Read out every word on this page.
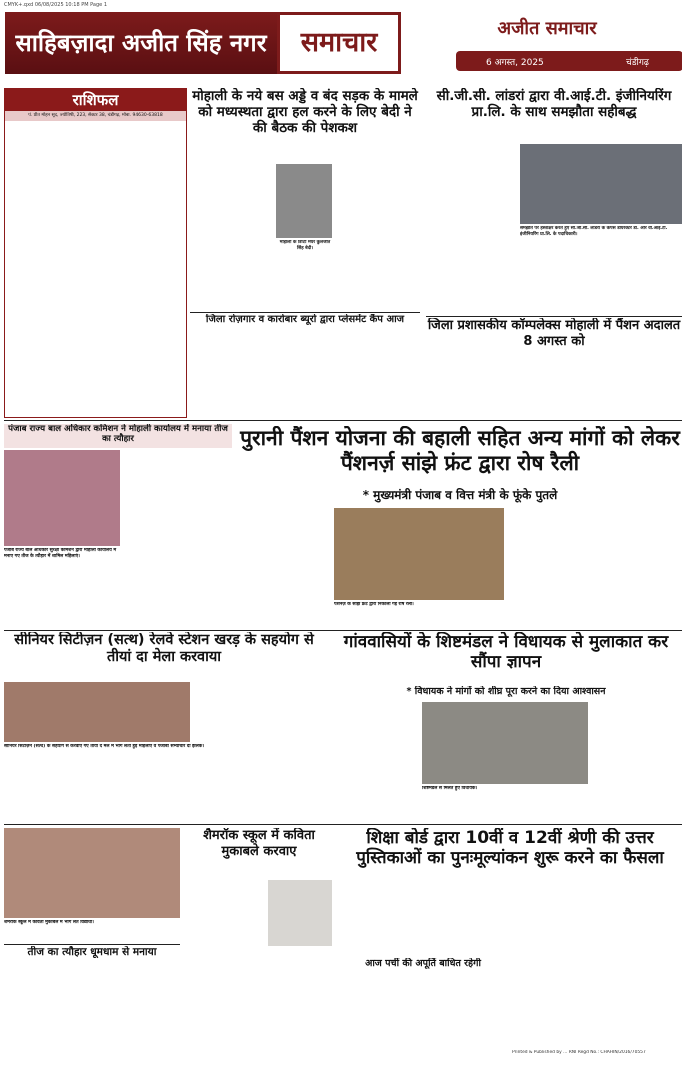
CMYK+.qxd 06/08/2025 10:18 PM Page 1
साहिबज़ादा अजीत सिंह नगर	समाचार	अजीत समाचार
6 अगस्त, 2025	चंडीगढ़
राशिफल
पं. प्रीत मोहन सूद, ज्योतिषी, 223, सेक्टर 38, चंडीगढ़, मोबा. 94630-63818
मोहाली के नये बस अड्डे व बंद सड़क के मामले को मध्यस्थता द्वारा हल करने के लिए बेदी ने की बैठक की पेशकश
मोहाली के डिप्टी मेयर कुलजीत सिंह बेदी।
सी.जी.सी. लांडरां द्वारा वी.आई.टी. इंजीनियरिंग प्रा.लि. के साथ समझौता सहीबद्ध
समझौते पर हस्ताक्षर करते हुए सी.जी.सी. लांडरां के कैंपस डायरेक्टर डॉ. और वी.आई.टी. इंजीनियरिंग प्रा.लि. के पदाधिकारी।
जिला रोज़गार व कारोबार ब्यूरो द्वारा प्लेसमेंट कैंप आज	जिला प्रशासकीय कॉम्पलेक्स मोहाली में पैंशन अदालत 8 अगस्त को
पंजाब राज्य बाल अधिकार कमिशन ने मोहाली कार्यालय में मनाया तीज का त्यौहार
पंजाब राज्य बाल अधिकार सुरक्षा कमिशन द्वारा मोहाली कार्यालय में मनाए गए तीज के त्यौहार में शामिल महिलाएं।
पुरानी पैंशन योजना की बहाली सहित अन्य मांगों को लेकर पैंशनर्ज़ सांझे फ्रंट द्वारा रोष रैली
* मुख्यमंत्री पंजाब व वित्त मंत्री के फूंके पुतले
पैंशनर्ज़ के सांझे फ्रंट द्वारा निकाली गई रोष रैली।
सीनियर सिटीज़न (सत्थ) रेलवे स्टेशन खरड़ के सहयोग से तीयां दा मेला करवाया
सीनियर सिटीज़न (सत्थ) के सहयोग से करवाए गए तीयां दे मेले में भाग लेती हुई महिलाएं व पंजाबी सभ्याचार दी झलक।
गांववासियों के शिष्टमंडल ने विधायक से मुलाकात कर सौंपा ज्ञापन
* विधायक ने मांगों को शीघ्र पूरा करने का दिया आश्वासन
शिष्टमंडल से मिलते हुए विधायक।
शैमरॉक स्कूल में कविता मुकाबले में भाग लेते विद्यार्थी।
शैमरॉक स्कूल में कविता मुकाबले करवाए
तीज का त्यौहार धूमधाम से मनाया
शिक्षा बोर्ड द्वारा 10वीं व 12वीं श्रेणी की उत्तर पुस्तिकाओं का पुनःमूल्यांकन शुरू करने का फैसला
आज पर्ची की अपूर्ति बाधित रहेगी
Printed & Published by ... RNI Regd No.: CHAHIN/2016/70557
